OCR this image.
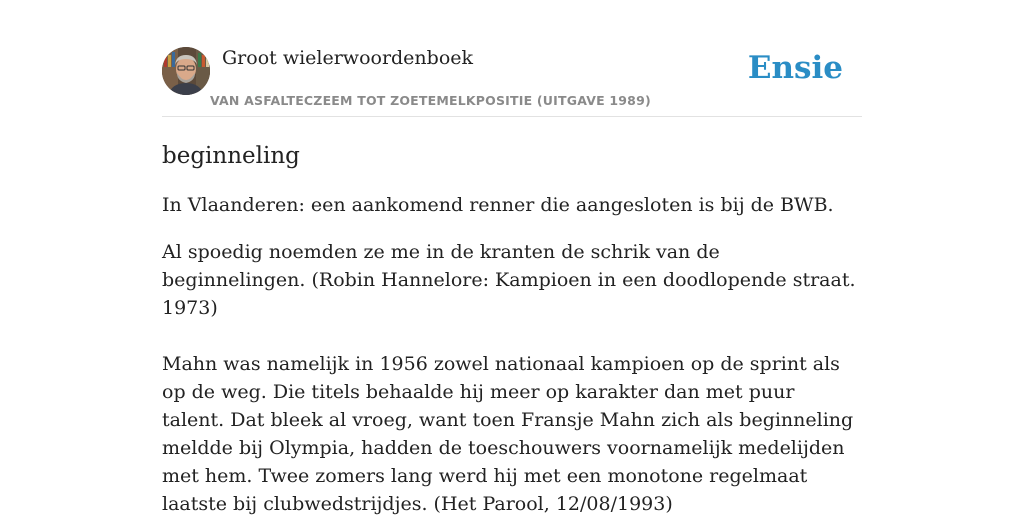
Groot wielerwoordenboek
VAN ASFALTECZEEM TOT ZOETEMELKPOSITIE (UITGAVE 1989)
Ensie
beginneling
In Vlaanderen: een aankomend renner die aangesloten is bij de BWB.
Al spoedig noemden ze me in de kranten de schrik van de beginnelingen. (Robin Hannelore: Kampioen in een doodlopende straat. 1973)
Mahn was namelijk in 1956 zowel nationaal kampioen op de sprint als op de weg. Die titels behaalde hij meer op karakter dan met puur talent. Dat bleek al vroeg, want toen Fransje Mahn zich als beginneling meldde bij Olympia, hadden de toeschouwers voornamelijk medelijden met hem. Twee zomers lang werd hij met een monotone regelmaat laatste bij clubwedstrijdjes. (Het Parool, 12/08/1993)
